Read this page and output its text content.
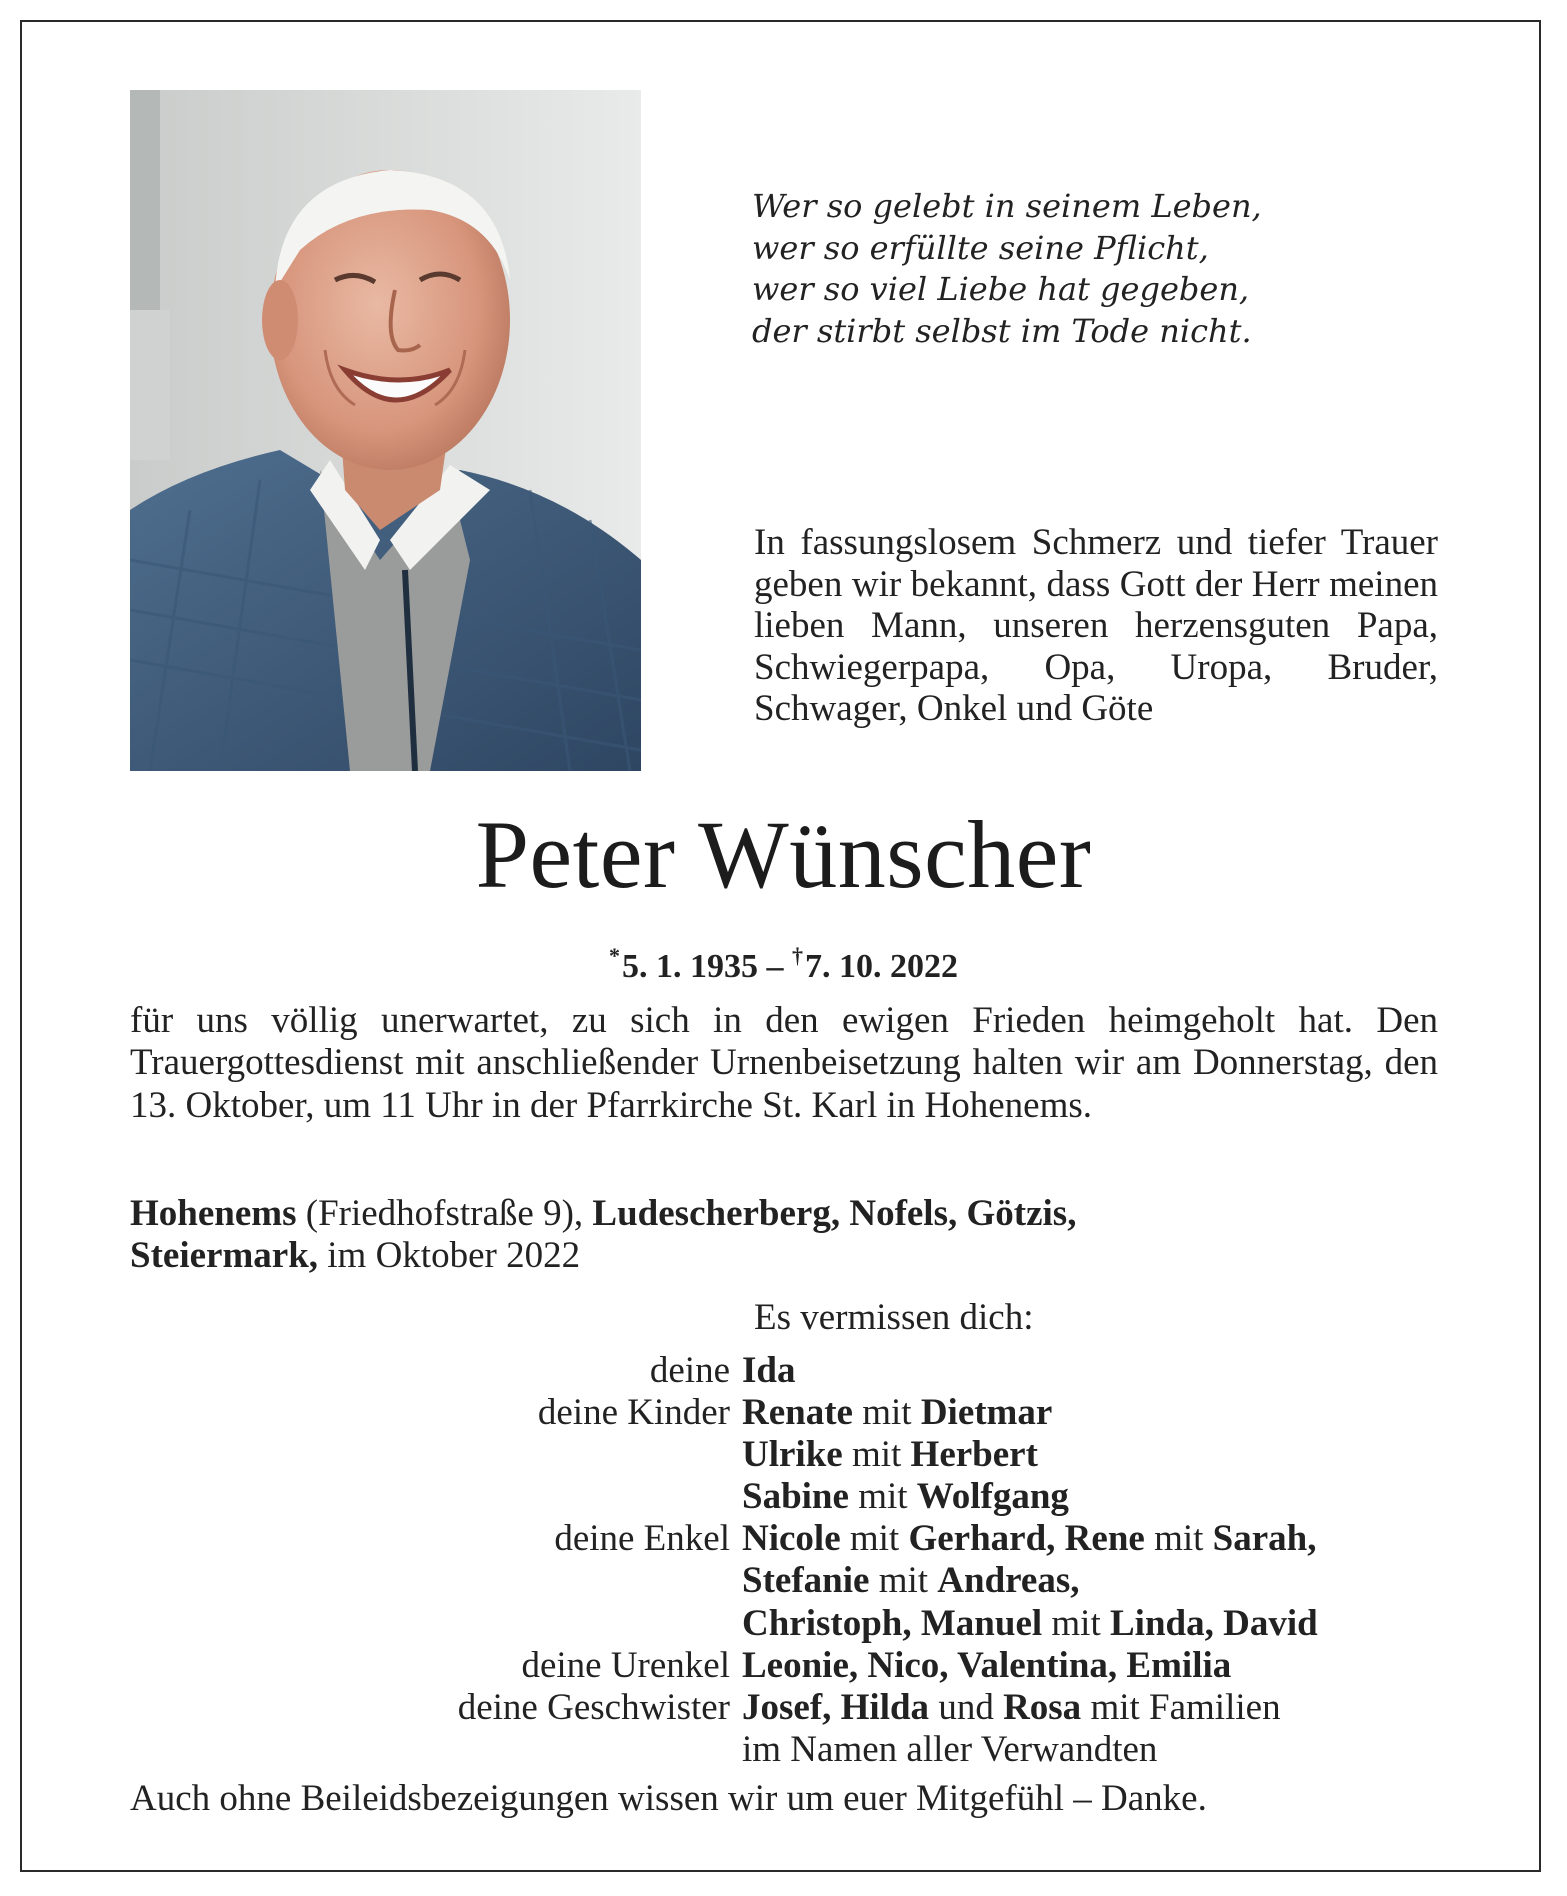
Wer so gelebt in seinem Leben,
wer so erfüllte seine Pflicht,
wer so viel Liebe hat gegeben,
der stirbt selbst im Tode nicht.
In fassungslosem Schmerz und tiefer Trauer geben wir bekannt, dass Gott der Herr meinen lieben Mann, unseren herzensguten Papa, Schwiegerpapa, Opa, Uropa, Bruder, Schwager, Onkel und Göte
Peter Wünscher
*5. 1. 1935 – †7. 10. 2022
für uns völlig unerwartet, zu sich in den ewigen Frieden heimgeholt hat. Den Trauergottesdienst mit anschließender Urnenbeisetzung halten wir am Donnerstag, den 13. Oktober, um 11 Uhr in der Pfarrkirche St. Karl in Hohenems.
Hohenems (Friedhofstraße 9), Ludescherberg, Nofels, Götzis,
Steiermark, im Oktober 2022
Es vermissen dich:
deine Ida
deine Kinder Renate mit Dietmar
Ulrike mit Herbert
Sabine mit Wolfgang
deine Enkel Nicole mit Gerhard, Rene mit Sarah,
Stefanie mit Andreas,
Christoph, Manuel mit Linda, David
deine Urenkel Leonie, Nico, Valentina, Emilia
deine Geschwister Josef, Hilda und Rosa mit Familien
im Namen aller Verwandten
Auch ohne Beileidsbezeigungen wissen wir um euer Mitgefühl – Danke.
